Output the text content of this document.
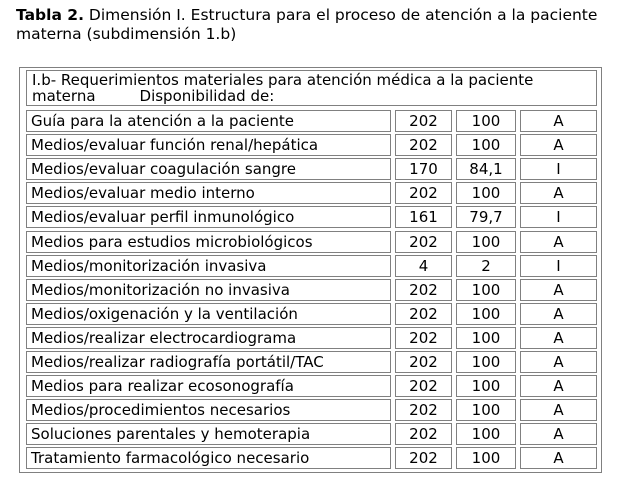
Tabla 2. Dimensión I. Estructura para el proceso de atención a la paciente materna (subdimensión 1.b)
I.b- Requerimientos materiales para atención médica a la paciente
materna	Disponibilidad de:
Guía para la atención a la paciente	202	100	A
Medios/evaluar función renal/hepática	202	100	A
Medios/evaluar coagulación sangre	170	84,1	I
Medios/evaluar medio interno	202	100	A
Medios/evaluar perfil inmunológico	161	79,7	I
Medios para estudios microbiológicos	202	100	A
Medios/monitorización invasiva	4	2	I
Medios/monitorización no invasiva	202	100	A
Medios/oxigenación y la ventilación	202	100	A
Medios/realizar electrocardiograma	202	100	A
Medios/realizar radiografía portátil/TAC	202	100	A
Medios para realizar ecosonografía	202	100	A
Medios/procedimientos necesarios	202	100	A
Soluciones parentales y hemoterapia	202	100	A
Tratamiento farmacológico necesario	202	100	A
